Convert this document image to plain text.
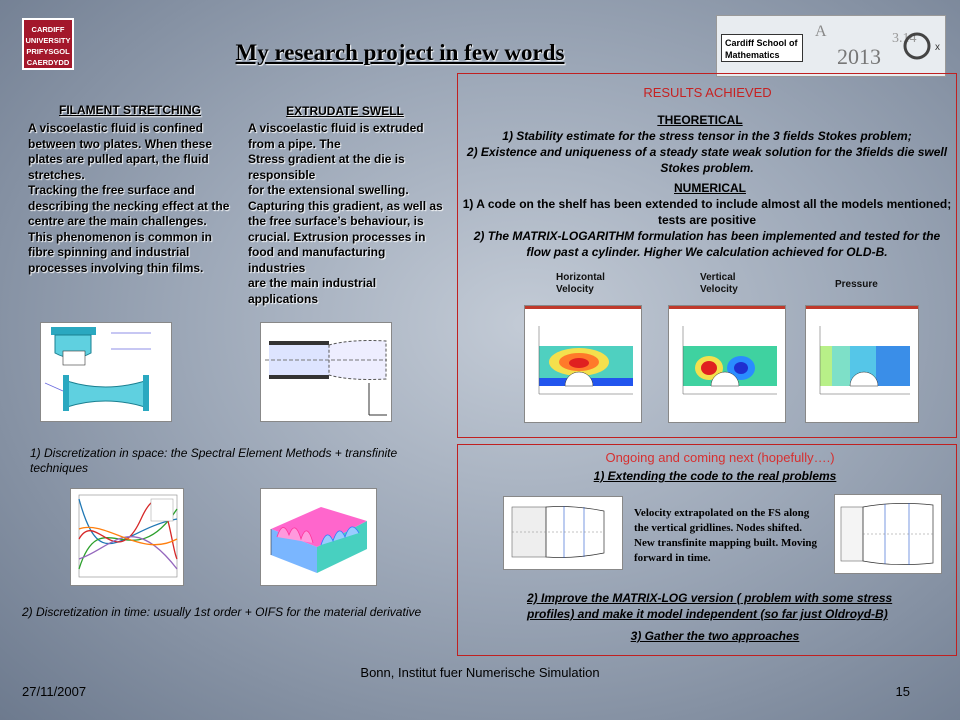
CARDIFF
UNIVERSITY
PRIFYSGOL
CAERDYDD
A
2013
3.14
x
Cardiff School of
Mathematics
My research project in few words
FILAMENT STRETCHING
A viscoelastic fluid is confined between two plates. When these plates are pulled apart, the fluid stretches.
Tracking the free surface and describing the necking effect at the centre are the main challenges. This phenomenon is common in fibre spinning and industrial processes involving thin films.
EXTRUDATE SWELL
A viscoelastic fluid is extruded from a pipe. The
Stress gradient at the die is responsible
for the extensional swelling.
Capturing this gradient, as well as the free surface’s behaviour, is crucial. Extrusion processes in food and manufacturing industries
are the main industrial applications
1) Discretization in space: the Spectral Element Methods + transfinite techniques
2) Discretization in time: usually 1st order + OIFS for the material derivative
RESULTS ACHIEVED
THEORETICAL
1) Stability estimate for the stress tensor in the 3 fields Stokes problem;
2) Existence and uniqueness of a steady state weak solution for the 3fields die swell Stokes problem.
NUMERICAL
1) A code on the shelf has been extended to include almost all the models mentioned; tests are positive
2) The MATRIX-LOGARITHM formulation has been implemented and tested for the flow past a cylinder. Higher We calculation achieved for OLD-B.
Horizontal Velocity
Vertical Velocity	Pressure
Ongoing and coming next (hopefully….)
1) Extending the code to the real problems
Velocity extrapolated on the FS along the vertical gridlines. Nodes shifted. New transfinite mapping built. Moving forward in time.
2) Improve the MATRIX-LOG version ( problem with some stress profiles) and make it model independent (so far just Oldroyd-B)
3) Gather the two approaches
27/11/2007
Bonn, Institut fuer Numerische Simulation
15
